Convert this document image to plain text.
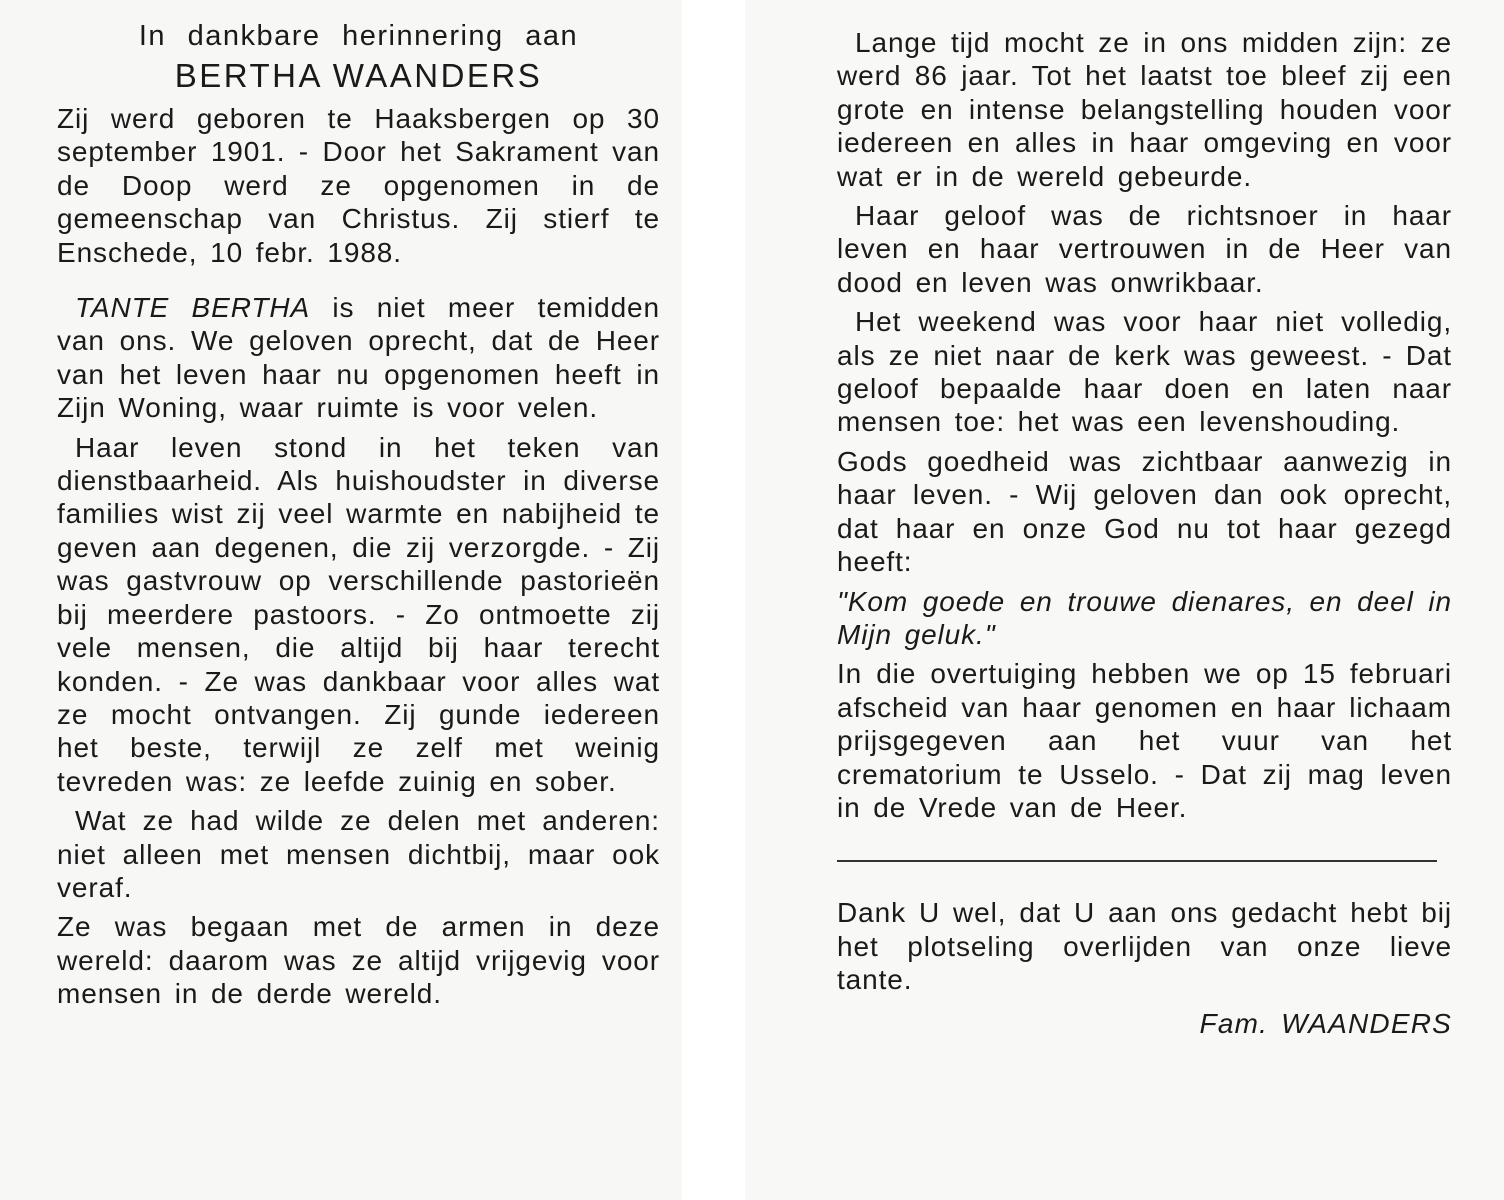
In dankbare herinnering aan

BERTHA WAANDERS

Zij werd geboren te Haaksbergen op 30 september 1901. - Door het Sakrament van de Doop werd ze opgenomen in de gemeenschap van Christus. Zij stierf te Enschede, 10 febr. 1988.

TANTE BERTHA is niet meer temidden van ons. We geloven oprecht, dat de Heer van het leven haar nu opgenomen heeft in Zijn Woning, waar ruimte is voor velen.

Haar leven stond in het teken van dienstbaarheid. Als huishoudster in diverse families wist zij veel warmte en nabijheid te geven aan degenen, die zij verzorgde. - Zij was gastvrouw op verschillende pastorieën bij meerdere pastoors. - Zo ontmoette zij vele mensen, die altijd bij haar terecht konden. - Ze was dankbaar voor alles wat ze mocht ontvangen. Zij gunde iedereen het beste, terwijl ze zelf met weinig tevreden was: ze leefde zuinig en sober.

Wat ze had wilde ze delen met anderen: niet alleen met mensen dichtbij, maar ook veraf.

Ze was begaan met de armen in deze wereld: daarom was ze altijd vrijgevig voor mensen in de derde wereld.

Lange tijd mocht ze in ons midden zijn: ze werd 86 jaar. Tot het laatst toe bleef zij een grote en intense belangstelling houden voor iedereen en alles in haar omgeving en voor wat er in de wereld gebeurde.

Haar geloof was de richtsnoer in haar leven en haar vertrouwen in de Heer van dood en leven was onwrikbaar.

Het weekend was voor haar niet volledig, als ze niet naar de kerk was geweest. - Dat geloof bepaalde haar doen en laten naar mensen toe: het was een levenshouding.

Gods goedheid was zichtbaar aanwezig in haar leven. - Wij geloven dan ook oprecht, dat haar en onze God nu tot haar gezegd heeft:

"Kom goede en trouwe dienares, en deel in Mijn geluk."

In die overtuiging hebben we op 15 februari afscheid van haar genomen en haar lichaam prijsgegeven aan het vuur van het crematorium te Usselo. - Dat zij mag leven in de Vrede van de Heer.

Dank U wel, dat U aan ons gedacht hebt bij het plotseling overlijden van onze lieve tante.

Fam. WAANDERS
